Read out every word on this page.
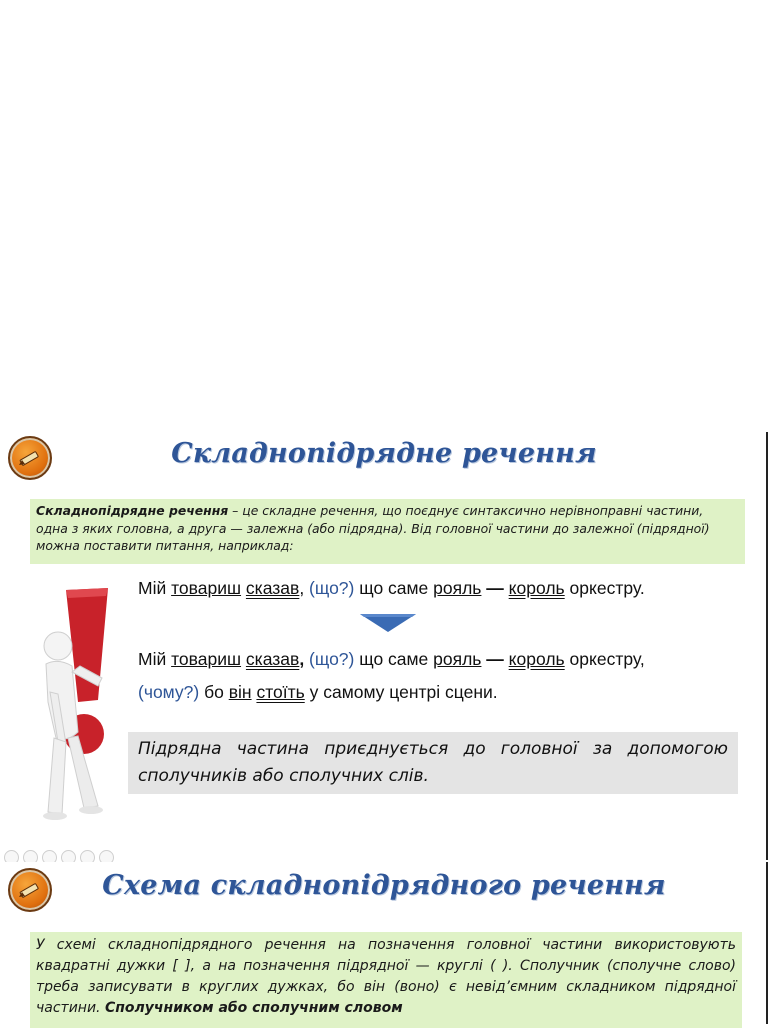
Складнопідрядне речення

Складнопідрядне речення – це складне речення, що поєднує синтаксично нерівноправні частини,
одна з яких головна, а друга — залежна (або підрядна). Від головної частини до залежної (підрядної)
можна поставити питання, наприклад:

Мій товариш сказав, (що?) що саме рояль — король оркестру.
Мій товариш сказав, (що?) що саме рояль — король оркестру,
(чому?) бо він стоїть у самому центрі сцени.
Підрядна частина приєднується до головної за допомогою сполучників або сполучних слів.
Схема складнопідрядного речення

У схемі складнопідрядного речення на позначення головної частини використовують квадратні дужки [ ], а на позначення підрядної — круглі ( ). Сполучник (сполучне слово) треба записувати в круглих дужках, бо він (воно) є невід’ємним складником підрядної частини. Сполучником або сполучним словом
